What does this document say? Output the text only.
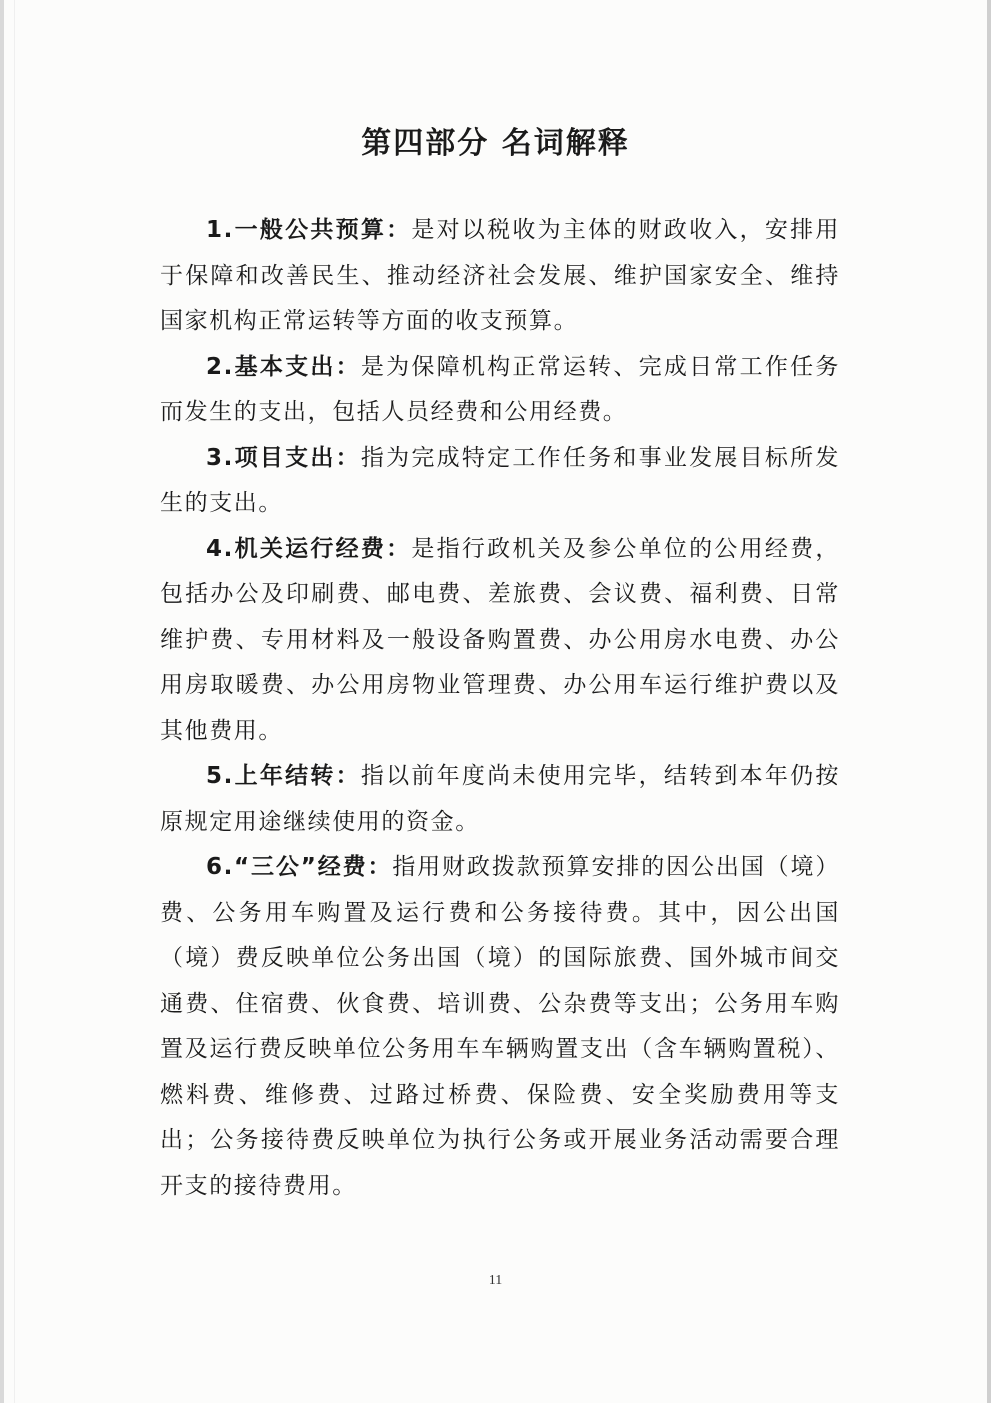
第四部分 名词解释

1.一般公共预算：是对以税收为主体的财政收入，安排用于保障和改善民生、推动经济社会发展、维护国家安全、维持国家机构正常运转等方面的收支预算。

2.基本支出：是为保障机构正常运转、完成日常工作任务而发生的支出，包括人员经费和公用经费。

3.项目支出：指为完成特定工作任务和事业发展目标所发生的支出。

4.机关运行经费：是指行政机关及参公单位的公用经费，包括办公及印刷费、邮电费、差旅费、会议费、福利费、日常维护费、专用材料及一般设备购置费、办公用房水电费、办公用房取暖费、办公用房物业管理费、办公用车运行维护费以及其他费用。

5.上年结转：指以前年度尚未使用完毕，结转到本年仍按原规定用途继续使用的资金。

6.“三公”经费：指用财政拨款预算安排的因公出国（境）费、公务用车购置及运行费和公务接待费。其中，因公出国（境）费反映单位公务出国（境）的国际旅费、国外城市间交通费、住宿费、伙食费、培训费、公杂费等支出；公务用车购置及运行费反映单位公务用车车辆购置支出（含车辆购置税）、燃料费、维修费、过路过桥费、保险费、安全奖励费用等支出；公务接待费反映单位为执行公务或开展业务活动需要合理开支的接待费用。

11
